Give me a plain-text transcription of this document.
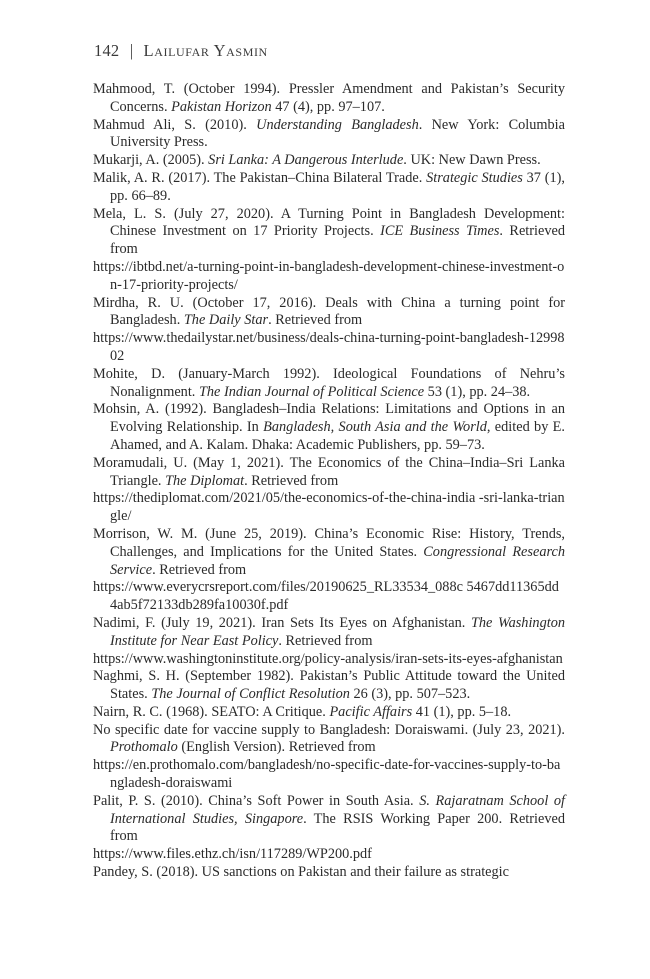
142 | Lailufar Yasmin

Mahmood, T. (October 1994). Pressler Amendment and Pakistan’s Security Concerns. Pakistan Horizon 47 (4), pp. 97–107.

Mahmud Ali, S. (2010). Understanding Bangladesh. New York: Columbia University Press.

Mukarji, A. (2005). Sri Lanka: A Dangerous Interlude. UK: New Dawn Press.

Malik, A. R. (2017). The Pakistan–China Bilateral Trade. Strategic Studies 37 (1), pp. 66–89.

Mela, L. S. (July 27, 2020). A Turning Point in Bangladesh Development: Chinese Investment on 17 Priority Projects. ICE Business Times. Retrieved from
https://ibtbd.net/a-turning-point-in-bangladesh-development-chinese-investment-on-17-priority-projects/

Mirdha, R. U. (October 17, 2016). Deals with China a turning point for Bangladesh. The Daily Star. Retrieved from
https://www.thedailystar.net/business/deals-china-turning-point-bangladesh-1299802

Mohite, D. (January-March 1992). Ideological Foundations of Nehru’s Nonalignment. The Indian Journal of Political Science 53 (1), pp. 24–38.

Mohsin, A. (1992). Bangladesh–India Relations: Limitations and Options in an Evolving Relationship. In Bangladesh, South Asia and the World, edited by E. Ahamed, and A. Kalam. Dhaka: Academic Publishers, pp. 59–73.

Moramudali, U. (May 1, 2021). The Economics of the China–India–Sri Lanka Triangle. The Diplomat. Retrieved from
https://thediplomat.com/2021/05/the-economics-of-the-china-india -sri-lanka-triangle/

Morrison, W. M. (June 25, 2019). China’s Economic Rise: History, Trends, Challenges, and Implications for the United States. Congressional Research Service. Retrieved from
https://www.everycrsreport.com/files/20190625_RL33534_088c 5467dd11365dd4ab5f72133db289fa10030f.pdf

Nadimi, F. (July 19, 2021). Iran Sets Its Eyes on Afghanistan. The Washington Institute for Near East Policy. Retrieved from
https://www.washingtoninstitute.org/policy-analysis/iran-sets-its-eyes-afghanistan

Naghmi, S. H. (September 1982). Pakistan’s Public Attitude toward the United States. The Journal of Conflict Resolution 26 (3), pp. 507–523.

Nairn, R. C. (1968). SEATO: A Critique. Pacific Affairs 41 (1), pp. 5–18.

No specific date for vaccine supply to Bangladesh: Doraiswami. (July 23, 2021). Prothomalo (English Version). Retrieved from
https://en.prothomalo.com/bangladesh/no-specific-date-for-vaccines-supply-to-bangladesh-doraiswami

Palit, P. S. (2010). China’s Soft Power in South Asia. S. Rajaratnam School of International Studies, Singapore. The RSIS Working Paper 200. Retrieved from
https://www.files.ethz.ch/isn/117289/WP200.pdf

Pandey, S. (2018). US sanctions on Pakistan and their failure as strategic
